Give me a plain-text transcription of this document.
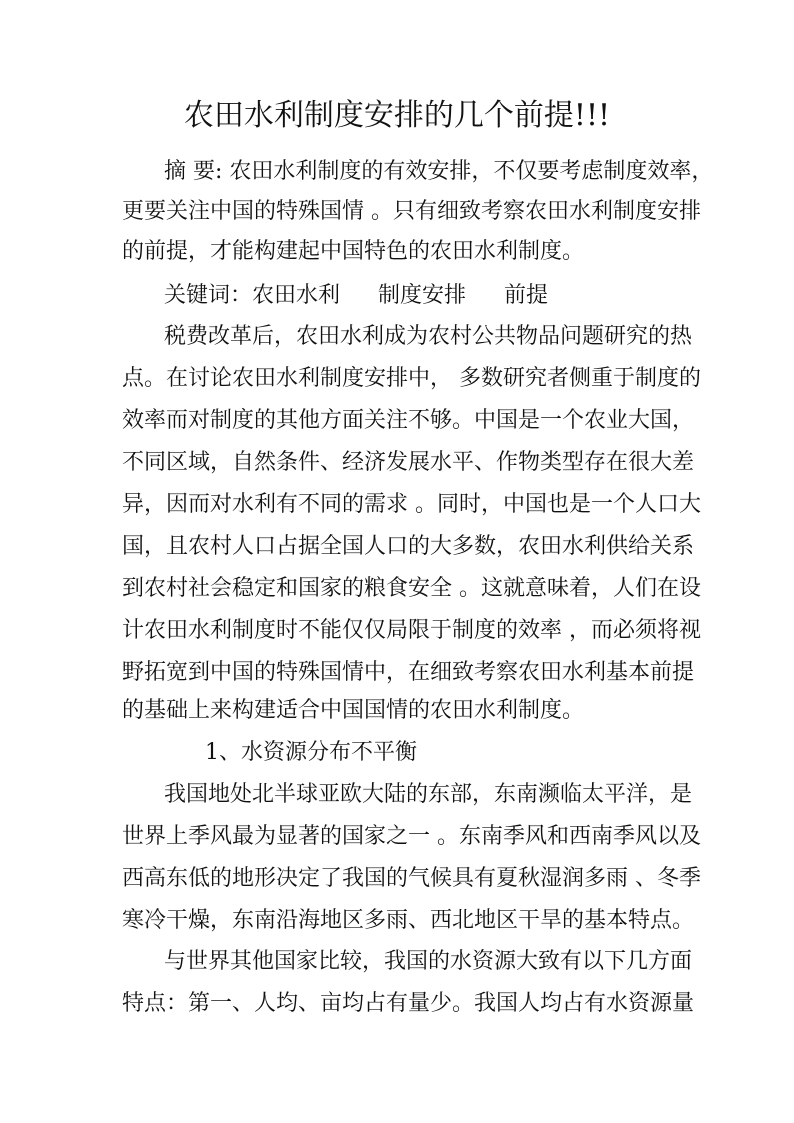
农田水利制度安排的几个前提!!!

摘 要: 农田水利制度的有效安排，不仅要考虑制度效率，

更要关注中国的特殊国情 。只有细致考察农田水利制度安排

的前提，才能构建起中国特色的农田水利制度。

关键词：农田水利 制度安排 前提

税费改革后，农田水利成为农村公共物品问题研究的热

点。在讨论农田水利制度安排中， 多数研究者侧重于制度的

效率而对制度的其他方面关注不够。中国是一个农业大国，

不同区域，自然条件、经济发展水平、作物类型存在很大差

异，因而对水利有不同的需求 。同时，中国也是一个人口大

国，且农村人口占据全国人口的大多数，农田水利供给关系

到农村社会稳定和国家的粮食安全 。这就意味着，人们在设

计农田水利制度时不能仅仅局限于制度的效率 ，而必须将视

野拓宽到中国的特殊国情中，在细致考察农田水利基本前提

的基础上来构建适合中国国情的农田水利制度。

1、水资源分布不平衡

我国地处北半球亚欧大陆的东部，东南濒临太平洋，是

世界上季风最为显著的国家之一 。东南季风和西南季风以及

西高东低的地形决定了我国的气候具有夏秋湿润多雨 、冬季

寒冷干燥，东南沿海地区多雨、西北地区干旱的基本特点。

与世界其他国家比较，我国的水资源大致有以下几方面

特点：第一、人均、亩均占有量少。我国人均占有水资源量
